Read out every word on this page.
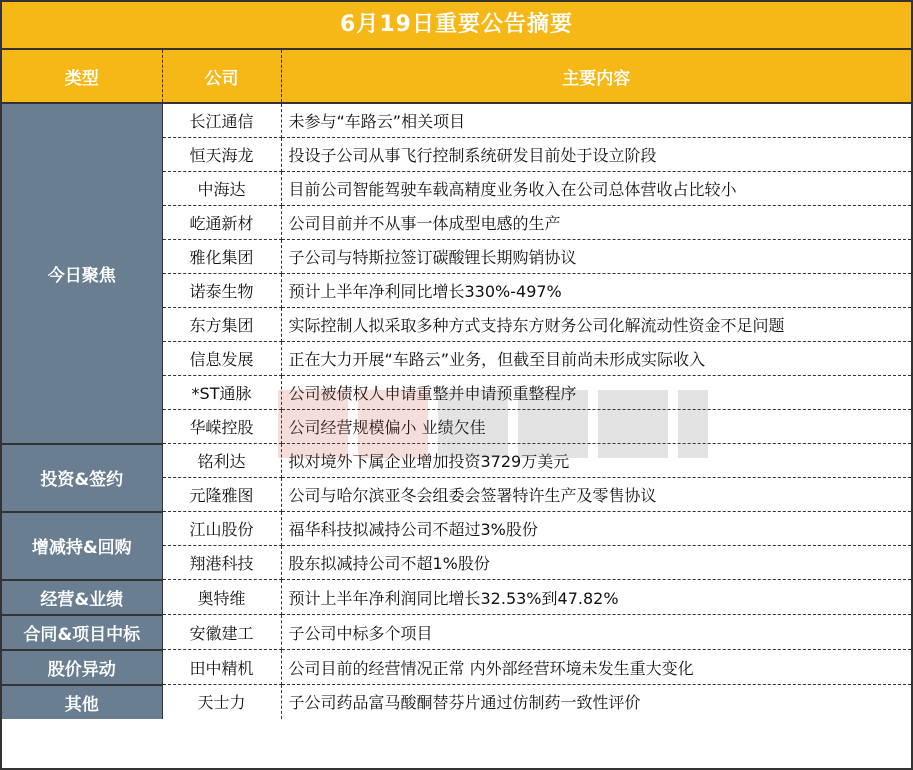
6月19日重要公告摘要
类型	公司	主要内容
今日聚焦	长江通信	未参与“车路云”相关项目
	恒天海龙	投设子公司从事飞行控制系统研发目前处于设立阶段
	中海达	目前公司智能驾驶车载高精度业务收入在公司总体营收占比较小
	屹通新材	公司目前并不从事一体成型电感的生产
	雅化集团	子公司与特斯拉签订碳酸锂长期购销协议
	诺泰生物	预计上半年净利同比增长330%-497%
	东方集团	实际控制人拟采取多种方式支持东方财务公司化解流动性资金不足问题
	信息发展	正在大力开展“车路云”业务，但截至目前尚未形成实际收入
	*ST通脉	公司被债权人申请重整并申请预重整程序
	华嵘控股	公司经营规模偏小 业绩欠佳
投资&签约	铭利达	拟对境外下属企业增加投资3729万美元
	元隆雅图	公司与哈尔滨亚冬会组委会签署特许生产及零售协议
增减持&回购	江山股份	福华科技拟减持公司不超过3%股份
	翔港科技	股东拟减持公司不超1%股份
经营&业绩	奥特维	预计上半年净利润同比增长32.53%到47.82%
合同&项目中标	安徽建工	子公司中标多个项目
股价异动	田中精机	公司目前的经营情况正常 内外部经营环境未发生重大变化
其他	天士力	子公司药品富马酸酮替芬片通过仿制药一致性评价
